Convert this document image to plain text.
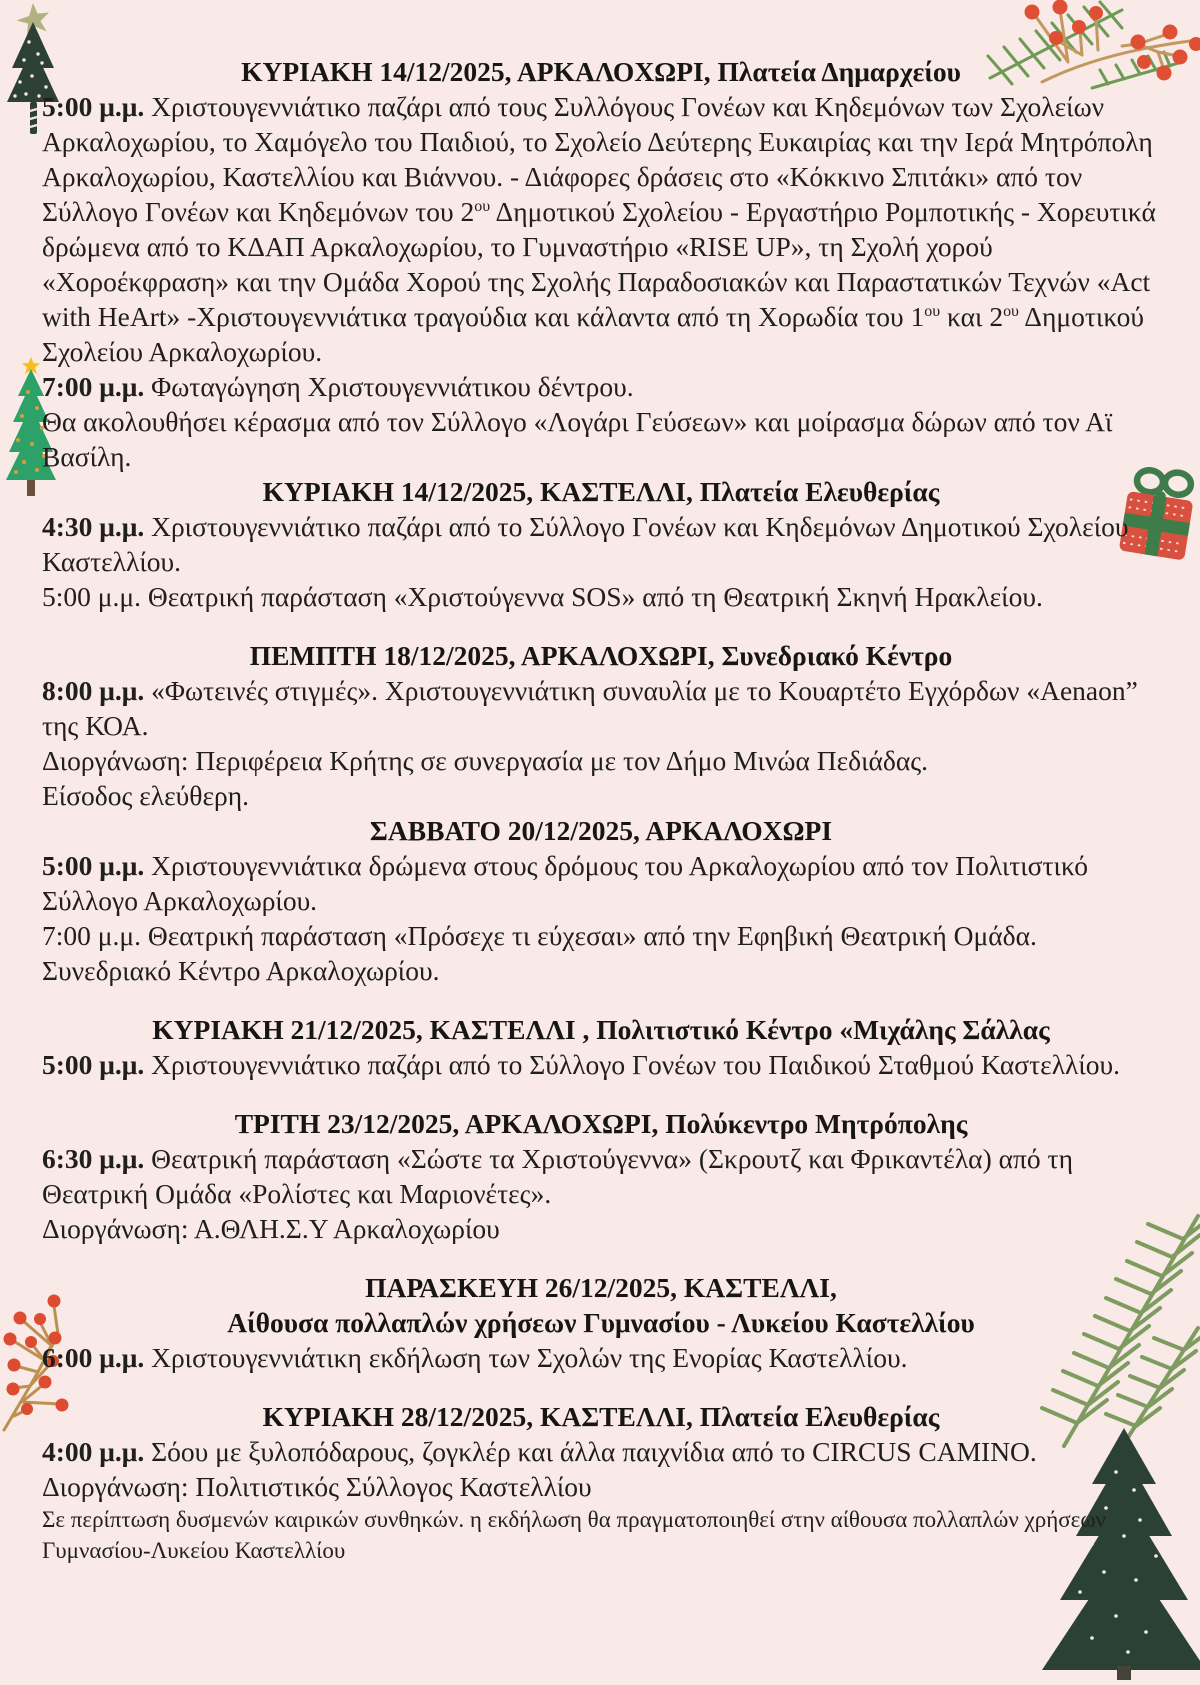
ΚΥΡΙΑΚΗ 14/12/2025, ΑΡΚΑΛΟΧΩΡΙ, Πλατεία Δημαρχείου

5:00 μ.μ. Χριστουγεννιάτικο παζάρι από τους Συλλόγους Γονέων και Κηδεμόνων των Σχολείων Αρκαλοχωρίου, το Χαμόγελο του Παιδιού, το Σχολείο Δεύτερης Ευκαιρίας και την Ιερά Μητρόπολη Αρκαλοχωρίου, Καστελλίου και Βιάννου. - Διάφορες δράσεις στο «Κόκκινο Σπιτάκι» από τον Σύλλογο Γονέων και Κηδεμόνων του $2^{o\upsilon}$ Δημοτικού Σχολείου - Εργαστήριο Ρομποτικής - Χορευτικά δρώμενα από το ΚΔΑΠ Αρκαλοχωρίου, το Γυμναστήριο «RISE UP», τη Σχολή χορού «Χοροέκφραση» και την Ομάδα Χορού της Σχολής Παραδοσιακών και Παραστατικών Τεχνών «Act with HeArt» -Χριστουγεννιάτικα τραγούδια και κάλαντα από τη Χορωδία του $1^{o\upsilon}$ και $2^{o\upsilon}$ Δημοτικού Σχολείου Αρκαλοχωρίου.

7:00 μ.μ. Φωταγώγηση Χριστουγεννιάτικου δέντρου.

Θα ακολουθήσει κέρασμα από τον Σύλλογο «Λογάρι Γεύσεων» και μοίρασμα δώρων από τον Αϊ Βασίλη.

ΚΥΡΙΑΚΗ 14/12/2025, ΚΑΣΤΕΛΛΙ, Πλατεία Ελευθερίας

4:30 μ.μ. Χριστουγεννιάτικο παζάρι από το Σύλλογο Γονέων και Κηδεμόνων Δημοτικού Σχολείου Καστελλίου.

5:00 μ.μ. Θεατρική παράσταση «Χριστούγεννα SOS» από τη Θεατρική Σκηνή Ηρακλείου.

ΠΕΜΠΤΗ 18/12/2025, ΑΡΚΑΛΟΧΩΡΙ, Συνεδριακό Κέντρο

8:00 μ.μ. «Φωτεινές στιγμές». Χριστουγεννιάτικη συναυλία με το Κουαρτέτο Εγχόρδων «Aenaon” της ΚΟΑ.

Διοργάνωση: Περιφέρεια Κρήτης σε συνεργασία με τον Δήμο Μινώα Πεδιάδας.

Είσοδος ελεύθερη.

ΣΑΒΒΑΤΟ 20/12/2025, ΑΡΚΑΛΟΧΩΡΙ

5:00 μ.μ. Χριστουγεννιάτικα δρώμενα στους δρόμους του Αρκαλοχωρίου από τον Πολιτιστικό Σύλλογο Αρκαλοχωρίου.

7:00 μ.μ. Θεατρική παράσταση «Πρόσεχε τι εύχεσαι» από την Εφηβική Θεατρική Ομάδα. Συνεδριακό Κέντρο Αρκαλοχωρίου.

ΚΥΡΙΑΚΗ 21/12/2025, ΚΑΣΤΕΛΛΙ , Πολιτιστικό Κέντρο «Μιχάλης Σάλλας

5:00 μ.μ. Χριστουγεννιάτικο παζάρι από το Σύλλογο Γονέων του Παιδικού Σταθμού Καστελλίου.

ΤΡΙΤΗ 23/12/2025, ΑΡΚΑΛΟΧΩΡΙ, Πολύκεντρο Μητρόπολης

6:30 μ.μ. Θεατρική παράσταση «Σώστε τα Χριστούγεννα» (Σκρουτζ και Φρικαντέλα) από τη Θεατρική Ομάδα «Ρολίστες και Μαριονέτες».

Διοργάνωση: Α.ΘΛΗ.Σ.Υ Αρκαλοχωρίου

ΠΑΡΑΣΚΕΥΗ 26/12/2025, ΚΑΣΤΕΛΛΙ,
Αίθουσα πολλαπλών χρήσεων Γυμνασίου - Λυκείου Καστελλίου

6:00 μ.μ. Χριστουγεννιάτικη εκδήλωση των Σχολών της Ενορίας Καστελλίου.

ΚΥΡΙΑΚΗ 28/12/2025, ΚΑΣΤΕΛΛΙ, Πλατεία Ελευθερίας

4:00 μ.μ. Σόου με ξυλοπόδαρους, ζογκλέρ και άλλα παιχνίδια από το CIRCUS CAMINO.

Διοργάνωση: Πολιτιστικός Σύλλογος Καστελλίου

Σε περίπτωση δυσμενών καιρικών συνθηκών. η εκδήλωση θα πραγματοποιηθεί στην αίθουσα πολλαπλών χρήσεων Γυμνασίου-Λυκείου Καστελλίου
